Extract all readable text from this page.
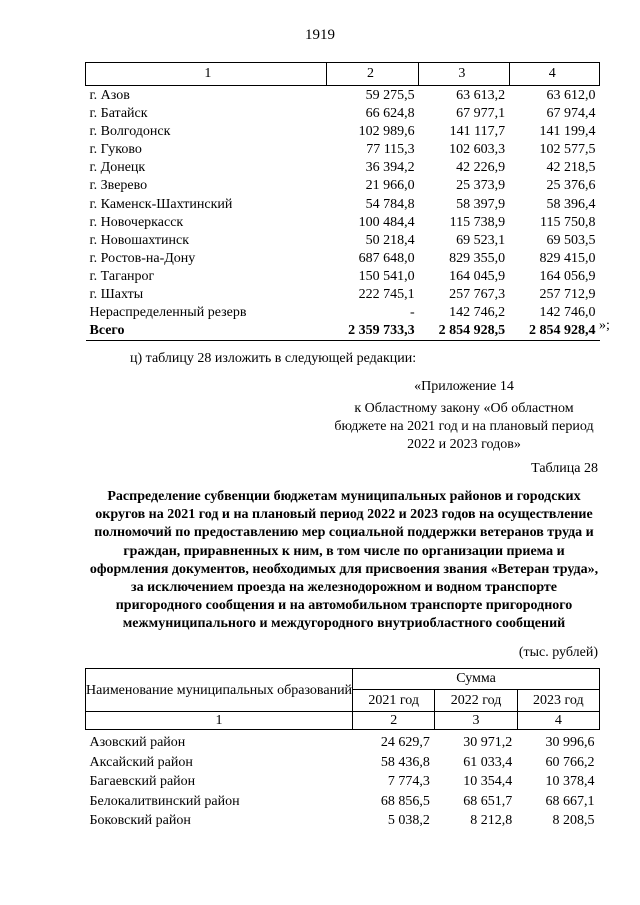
1919
1	2	3	4
г. Азов	59 275,5	63 613,2	63 612,0
г. Батайск	66 624,8	67 977,1	67 974,4
г. Волгодонск	102 989,6	141 117,7	141 199,4
г. Гуково	77 115,3	102 603,3	102 577,5
г. Донецк	36 394,2	42 226,9	42 218,5
г. Зверево	21 966,0	25 373,9	25 376,6
г. Каменск-Шахтинский	54 784,8	58 397,9	58 396,4
г. Новочеркасск	100 484,4	115 738,9	115 750,8
г. Новошахтинск	50 218,4	69 523,1	69 503,5
г. Ростов-на-Дону	687 648,0	829 355,0	829 415,0
г. Таганрог	150 541,0	164 045,9	164 056,9
г. Шахты	222 745,1	257 767,3	257 712,9
Нераспределенный резерв	-	142 746,2	142 746,0
Всего	2 359 733,3	2 854 928,5	2 854 928,4 »;
ц) таблицу 28 изложить в следующей редакции:
«Приложение 14
к Областному закону «Об областном бюджете на 2021 год и на плановый период 2022 и 2023 годов»
Таблица 28
Распределение субвенции бюджетам муниципальных районов и городских округов на 2021 год и на плановый период 2022 и 2023 годов на осуществление полномочий по предоставлению мер социальной поддержки ветеранов труда и граждан, приравненных к ним, в том числе по организации приема и оформления документов, необходимых для присвоения звания «Ветеран труда», за исключением проезда на железнодорожном и водном транспорте пригородного сообщения и на автомобильном транспорте пригородного межмуниципального и междугородного внутриобластного сообщений
(тыс. рублей)
Наименование муниципальных образований	Сумма		
	2021 год	2022 год	2023 год
1	2	3	4
Азовский район	24 629,7	30 971,2	30 996,6
Аксайский район	58 436,8	61 033,4	60 766,2
Багаевский район	7 774,3	10 354,4	10 378,4
Белокалитвинский район	68 856,5	68 651,7	68 667,1
Боковский район	5 038,2	8 212,8	8 208,5
